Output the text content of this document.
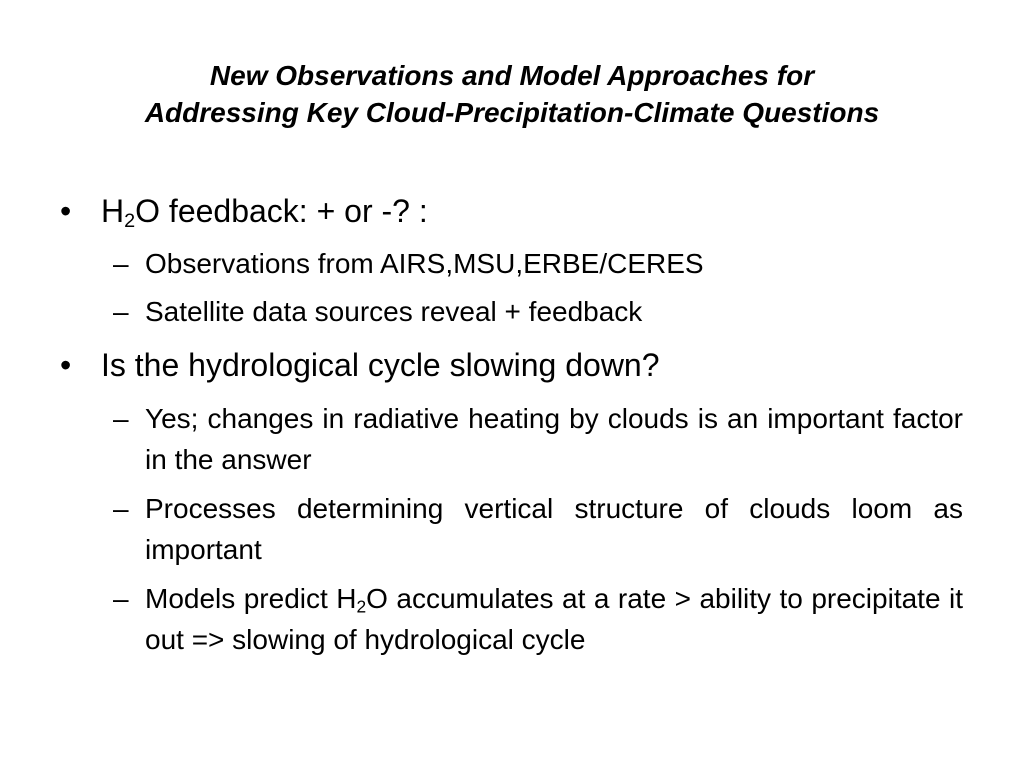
New Observations and Model Approaches for
Addressing Key Cloud-Precipitation-Climate Questions
• $H_2O$ feedback: + or -? :
– Observations from AIRS,MSU,ERBE/CERES
– Satellite data sources reveal + feedback
• Is the hydrological cycle slowing down?
– Yes; changes in radiative heating by clouds is an important factor in the answer
– Processes determining vertical structure of clouds loom as important
– Models predict $H_2O$ accumulates at a rate > ability to precipitate it out => slowing of hydrological cycle
